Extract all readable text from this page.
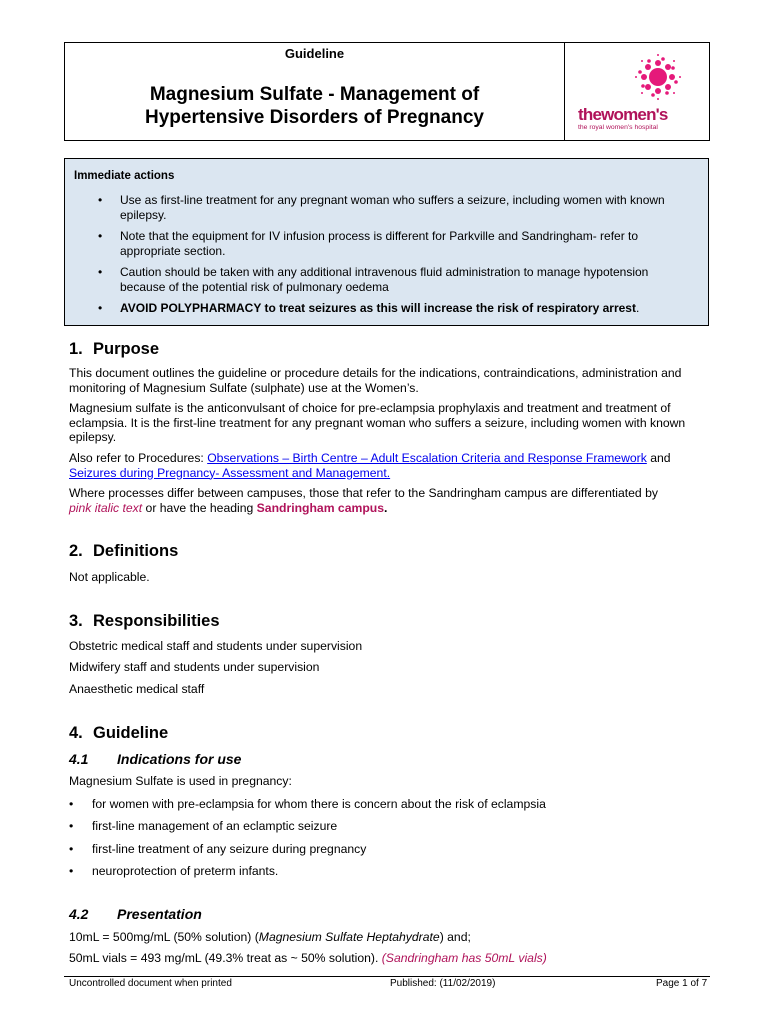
Guideline
Magnesium Sulfate - Management of
Hypertensive Disorders of Pregnancy	thewomen's
the royal women's hospital
Immediate actions
• Use as first-line treatment for any pregnant woman who suffers a seizure, including women with known epilepsy.
• Note that the equipment for IV infusion process is different for Parkville and Sandringham- refer to appropriate section.
• Caution should be taken with any additional intravenous fluid administration to manage hypotension because of the potential risk of pulmonary oedema
• AVOID POLYPHARMACY to treat seizures as this will increase the risk of respiratory arrest.
1. Purpose
This document outlines the guideline or procedure details for the indications, contraindications, administration and monitoring of Magnesium Sulfate (sulphate) use at the Women’s.
Magnesium sulfate is the anticonvulsant of choice for pre-eclampsia prophylaxis and treatment and treatment of eclampsia. It is the first-line treatment for any pregnant woman who suffers a seizure, including women with known epilepsy.
Also refer to Procedures: Observations – Birth Centre – Adult Escalation Criteria and Response Framework and
Seizures during Pregnancy- Assessment and Management.
Where processes differ between campuses, those that refer to the Sandringham campus are differentiated by
pink italic text or have the heading Sandringham campus.
2. Definitions
Not applicable.
3. Responsibilities
Obstetric medical staff and students under supervision
Midwifery staff and students under supervision
Anaesthetic medical staff
4. Guideline
4.1 Indications for use
Magnesium Sulfate is used in pregnancy:
• for women with pre-eclampsia for whom there is concern about the risk of eclampsia
• first-line management of an eclamptic seizure
• first-line treatment of any seizure during pregnancy
• neuroprotection of preterm infants.
4.2 Presentation
10mL = 500mg/mL (50% solution) (Magnesium Sulfate Heptahydrate) and;
50mL vials = 493 mg/mL (49.3% treat as ~ 50% solution). (Sandringham has 50mL vials)
Uncontrolled document when printed	Published: (11/02/2019)	Page 1 of 7
